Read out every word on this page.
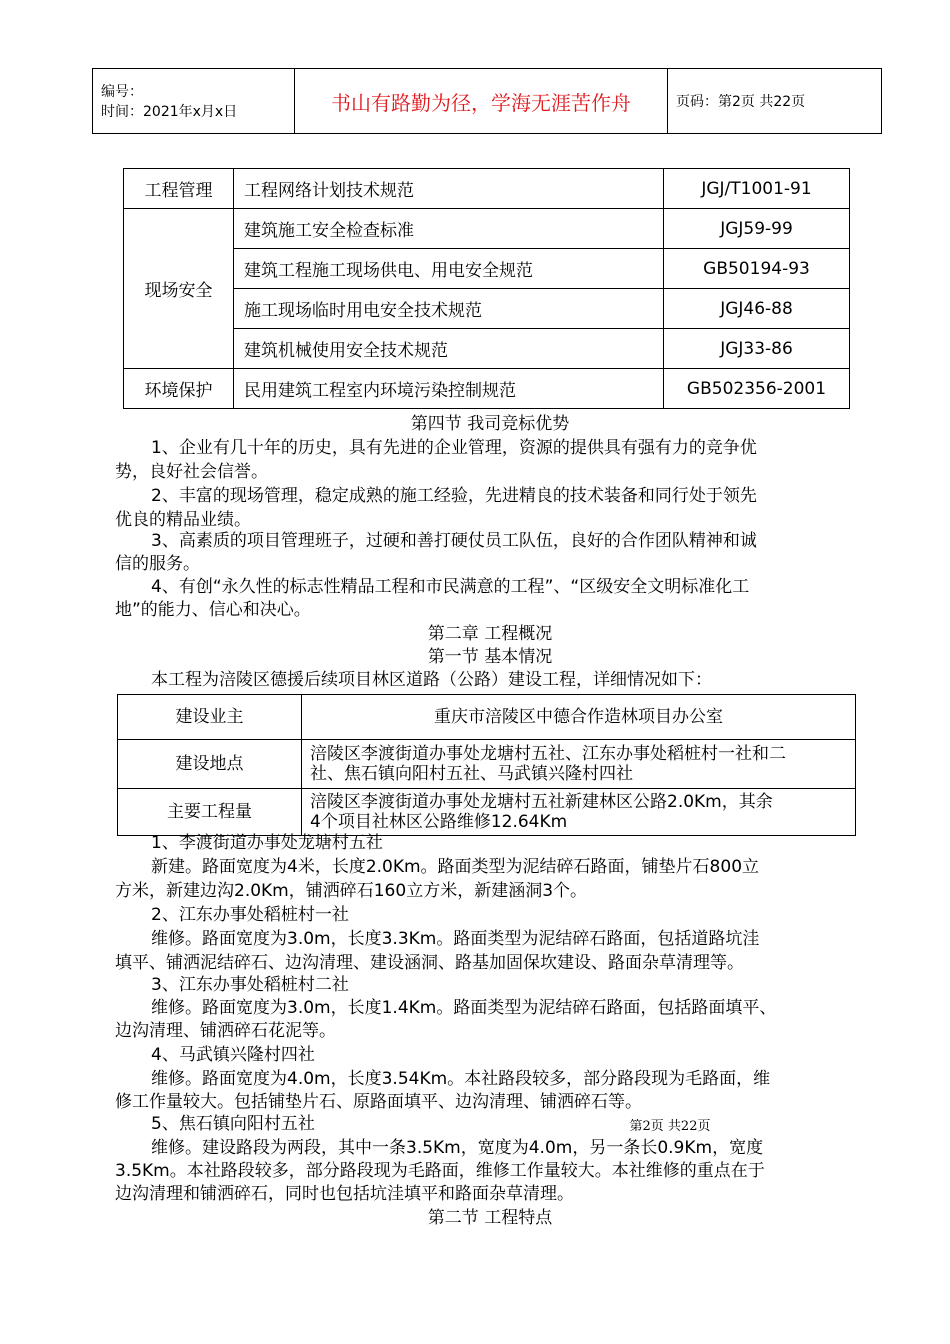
编号：
时间：2021年x月x日	书山有路勤为径，学海无涯苦作舟	页码：第2页 共22页
工程管理	工程网络计划技术规范	JGJ/T1001-91
现场安全	建筑施工安全检查标准	JGJ59-99
	建筑工程施工现场供电、用电安全规范	GB50194-93
	施工现场临时用电安全技术规范	JGJ46-88
	建筑机械使用安全技术规范	JGJ33-86
环境保护	民用建筑工程室内环境污染控制规范	GB502356-2001
第四节 我司竞标优势
1、企业有几十年的历史，具有先进的企业管理，资源的提供具有强有力的竞争优
势，良好社会信誉。
2、丰富的现场管理，稳定成熟的施工经验，先进精良的技术装备和同行处于领先
优良的精品业绩。
3、高素质的项目管理班子，过硬和善打硬仗员工队伍，良好的合作团队精神和诚
信的服务。
4、有创“永久性的标志性精品工程和市民满意的工程”、“区级安全文明标准化工
地”的能力、信心和决心。
第二章 工程概况
第一节 基本情况
本工程为涪陵区德援后续项目林区道路（公路）建设工程，详细情况如下：
建设业主	重庆市涪陵区中德合作造林项目办公室

建设地点	涪陵区李渡街道办事处龙塘村五社、江东办事处稻桩村一社和二
社、焦石镇向阳村五社、马武镇兴隆村四社

主要工程量	涪陵区李渡街道办事处龙塘村五社新建林区公路2.0Km，其余
4个项目社林区公路维修12.64Km
1、李渡街道办事处龙塘村五社
新建。路面宽度为4米，长度2.0Km。路面类型为泥结碎石路面，铺垫片石800立
方米，新建边沟2.0Km，铺洒碎石160立方米，新建涵洞3个。
2、江东办事处稻桩村一社
维修。路面宽度为3.0m，长度3.3Km。路面类型为泥结碎石路面，包括道路坑洼
填平、铺洒泥结碎石、边沟清理、建设涵洞、路基加固保坎建设、路面杂草清理等。
3、江东办事处稻桩村二社
维修。路面宽度为3.0m，长度1.4Km。路面类型为泥结碎石路面，包括路面填平、
边沟清理、铺洒碎石花泥等。
4、马武镇兴隆村四社
维修。路面宽度为4.0m，长度3.54Km。本社路段较多，部分路段现为毛路面，维
修工作量较大。包括铺垫片石、原路面填平、边沟清理、铺洒碎石等。
5、焦石镇向阳村五社
维修。建设路段为两段，其中一条3.5Km，宽度为4.0m，另一条长0.9Km，宽度
3.5Km。本社路段较多，部分路段现为毛路面，维修工作量较大。本社维修的重点在于
边沟清理和铺洒碎石，同时也包括坑洼填平和路面杂草清理。
第二节 工程特点
第2页 共22页
